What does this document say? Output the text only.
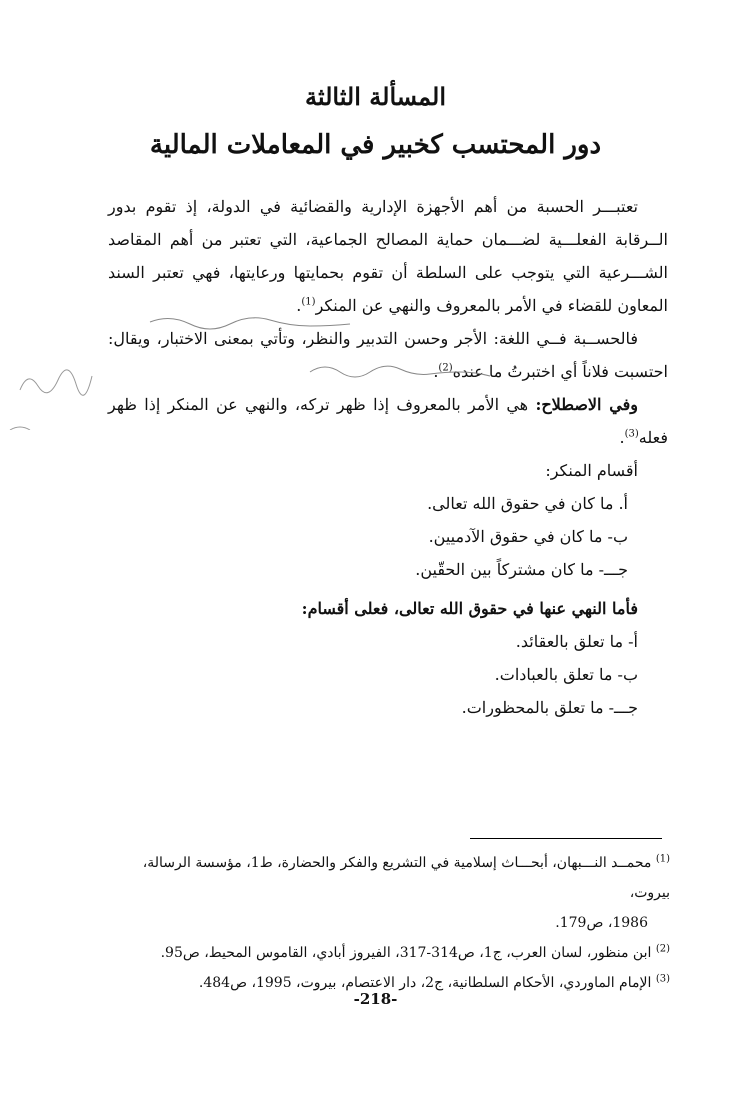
المسألة الثالثة
دور المحتسب كخبير في المعاملات المالية

تعتبـــر الحسبة من أهم الأجهزة الإدارية والقضائية في الدولة، إذ تقوم بدور الــرقابة الفعلـــية لضـــمان حماية المصالح الجماعية، التي تعتبر من أهم المقاصد الشـــرعية التي يتوجب على السلطة أن تقوم بحمايتها ورعايتها، فهي تعتبر السند المعاون للقضاء في الأمر بالمعروف والنهي عن المنكر$^{(1)}$.

فالحســبة فــي اللغة: الأجر وحسن التدبير والنظر، وتأتي بمعنى الاختبار، ويقال: احتسبت فلاناً أي اختبرتُ ما عنده$^{(2)}$.

وفي الاصطلاح: هي الأمر بالمعروف إذا ظهر تركه، والنهي عن المنكر إذا ظهر فعله$^{(3)}$.

أقسام المنكر:

أ. ما كان في حقوق الله تعالى.
ب- ما كان في حقوق الآدميين.
جـــ- ما كان مشتركاً بين الحقّين.

فأما النهي عنها في حقوق الله تعالى، فعلى أقسام:

أ- ما تعلق بالعقائد.
ب- ما تعلق بالعبادات.
جـــ- ما تعلق بالمحظورات.

$^{(1)}$ محمــد النـــبهان، أبحـــاث إسلامية في التشريع والفكر والحضارة، ط1، مؤسسة الرسالة، بيروت،

1986، ص179.

$^{(2)}$ ابن منظور، لسان العرب، ج1، ص314-317، الفيروز أبادي، القاموس المحيط، ص95.

$^{(3)}$ الإمام الماوردي، الأحكام السلطانية، ج2، دار الاعتصام، بيروت، 1995، ص484.

-218-
